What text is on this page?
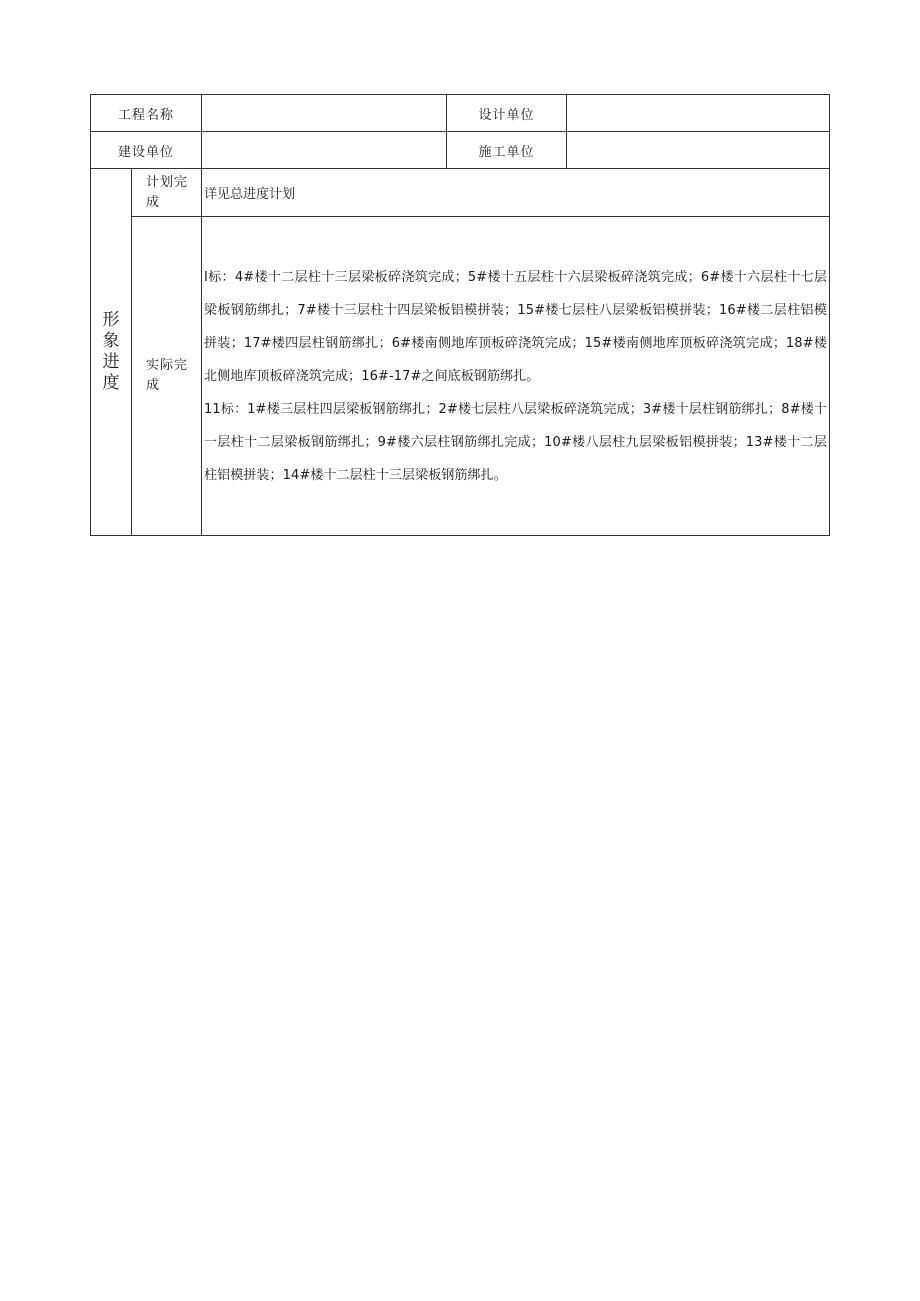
工程名称			设计单位	
建设单位			施工单位	

形
象
进
度	计划完成	详见总进度计划		
	实际完成	I标：4#楼十二层柱十三层梁板碎浇筑完成；5#楼十五层柱十六层梁板碎浇筑完成；6#楼十六层柱十七层梁板钢筋绑扎；7#楼十三层柱十四层梁板铝模拼装；15#楼七层柱八层梁板铝模拼装；16#楼二层柱铝模拼装；17#楼四层柱钢筋绑扎；6#楼南侧地库顶板碎浇筑完成；15#楼南侧地库顶板碎浇筑完成；18#楼北侧地库顶板碎浇筑完成；16#-17#之间底板钢筋绑扎。

11标：1#楼三层柱四层梁板钢筋绑扎；2#楼七层柱八层梁板碎浇筑完成；3#楼十层柱钢筋绑扎；8#楼十一层柱十二层梁板钢筋绑扎；9#楼六层柱钢筋绑扎完成；10#楼八层柱九层梁板铝模拼装；13#楼十二层柱铝模拼装；14#楼十二层柱十三层梁板钢筋绑扎。		
